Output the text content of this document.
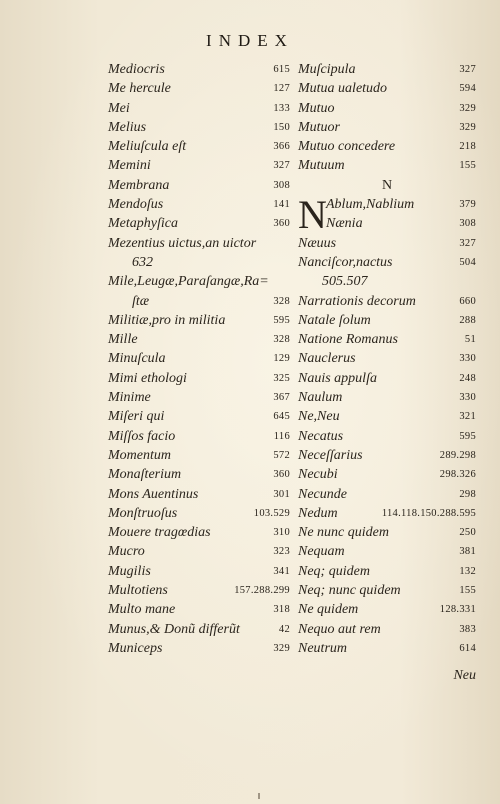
INDEX
Mediocris	615
Me hercule	127
Mei	133
Melius	150
Meliuſcula eſt	366
Memini	327
Membrana	308
Mendoſus	141
Metaphyſica	360
Mezentius uictus,an uictor
632
Mile,Leugæ,Paraſangæ,Ra=
ſtæ	328
Militiæ,pro in militia	595
Mille	328
Minuſcula	129
Mimi ethologi	325
Minime	367
Miſeri qui	645
Miſſos facio	116
Momentum	572
Monaſterium	360
Mons Auentinus	301
Monſtruoſus	103.529
Mouere tragœdias	310
Mucro	323
Mugilis	341
Multotiens	157.288.299
Multo mane	318
Munus,& Donũ differũt	42
Municeps	329
Muſcipula	327
Mutua ualetudo	594
Mutuo	329
Mutuor	329
Mutuo concedere	218
Mutuum	155
N
N Ablum,Nablium	379
Nænia	308
Næuus	327
Nanciſcor,nactus	504
505.507
Narrationis decorum	660
Natale ſolum	288
Natione Romanus	51
Nauclerus	330
Nauis appulſa	248
Naulum	330
Ne,Neu	321
Necatus	595
Neceſſarius	289.298
Necubi	298.326
Necunde	298
Nedum	114.118.150.288.595
Ne nunc quidem	250
Nequam	381
Neq; quidem	132
Neq; nunc quidem	155
Ne quidem	128.331
Nequo aut rem	383
Neutrum	614
Neu
